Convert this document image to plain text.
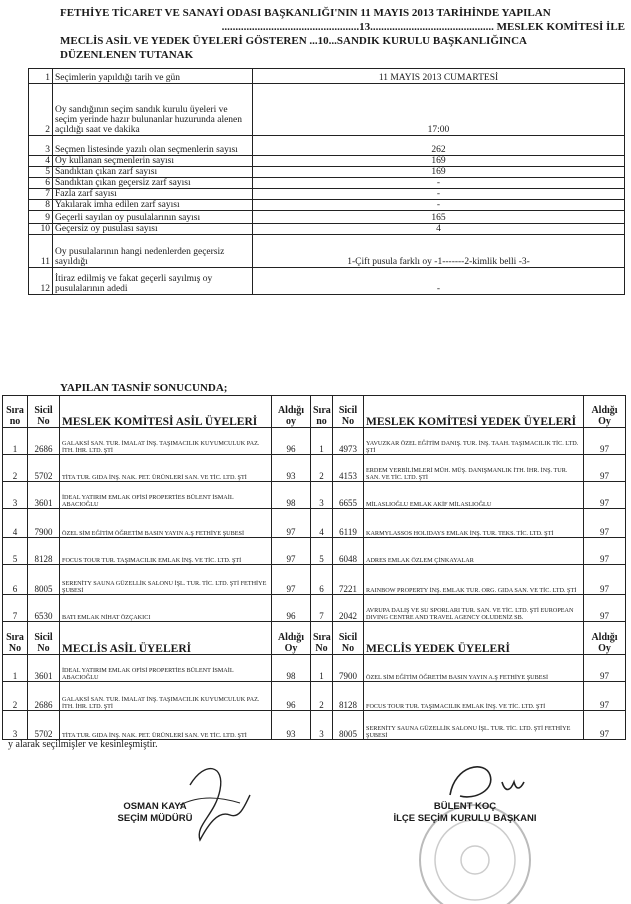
FETHİYE TİCARET VE SANAYİ ODASI BAŞKANLIĞI'NIN 11 MAYIS 2013 TARİHİNDE YAPILAN
..................................................13............................................. MESLEK KOMİTESİ İLE
MECLİS ASİL VE YEDEK ÜYELERİ GÖSTEREN ...10...SANDIK KURULU BAŞKANLIĞINCA
DÜZENLENEN TUTANAK
1	Seçimlerin yapıldığı tarih ve gün	11 MAYIS 2013 CUMARTESİ
2	Oy sandığının seçim sandık kurulu üyeleri ve seçim yerinde hazır bulunanlar huzurunda alenen açıldığı saat ve dakika	17:00
3	Seçmen listesinde yazılı olan seçmenlerin sayısı	262
4	Oy kullanan seçmenlerin sayısı	169
5	Sandıktan çıkan zarf sayısı	169
6	Sandıktan çıkan geçersiz zarf sayısı	-
7	Fazla zarf sayısı	-
8	Yakılarak imha edilen zarf sayısı	-
9	Geçerli sayılan oy pusulalarının sayısı	165
10	Geçersiz oy pusulası sayısı	4
11	Oy pusulalarının hangi nedenlerden geçersiz sayıldığı	1-Çift pusula farklı oy -1-------2-kimlik belli -3-
12	İtiraz edilmiş ve fakat geçerli sayılmış oy pusulalarının adedi	-
YAPILAN TASNİF SONUCUNDA;
Sıra no	Sicil No	MESLEK KOMİTESİ ASİL ÜYELERİ	Aldığı oy	Sıra no	Sicil No	MESLEK KOMİTESİ YEDEK ÜYELERİ	Aldığı Oy
1	2686	GALAKSİ SAN. TUR. İMALAT İNŞ. TAŞIMACILIK KUYUMCULUK PAZ. İTH. İHR. LTD. ŞTİ	96	1	4973	YAVUZKAR ÖZEL EĞİTİM DANIŞ. TUR. İNŞ. TAAH. TAŞIMACILIK TİC. LTD. ŞTİ	97
2	5702	TİTA TUR. GIDA İNŞ. NAK. PET. ÜRÜNLERİ SAN. VE TİC. LTD. ŞTİ	93	2	4153	ERDEM YERBİLİMLERİ MÜH. MÜŞ. DANIŞMANLIK İTH. İHR. İNŞ. TUR. SAN. VE TİC. LTD. ŞTİ	97
3	3601	İDEAL YATIRIM EMLAK OFİSİ PROPERTİES BÜLENT İSMAİL ABACIOĞLU	98	3	6655	MİLASLIOĞLU EMLAK AKİF MİLASLIOĞLU	97
4	7900	ÖZEL SİM EĞİTİM ÖĞRETİM BASIN YAYIN A.Ş FETHİYE ŞUBESİ	97	4	6119	KARMYLASSOS HOLIDAYS EMLAK İNŞ. TUR. TEKS. TİC. LTD. ŞTİ	97
5	8128	FOCUS TOUR TUR. TAŞIMACILIK EMLAK İNŞ. VE TİC. LTD. ŞTİ	97	5	6048	ADRES EMLAK ÖZLEM ÇİNKAYALAR	97
6	8005	SERENİTY SAUNA GÜZELLİK SALONU İŞL. TUR. TİC. LTD. ŞTİ FETHİYE ŞUBESİ	97	6	7221	RAINBOW PROPERTY İNŞ. EMLAK TUR. ORG. GIDA SAN. VE TİC. LTD. ŞTİ	97
7	6530	BATI EMLAK NİHAT ÖZÇAKICI	96	7	2042	AVRUPA DALIŞ VE SU SPORLARI TUR. SAN. VE TİC. LTD. ŞTİ EUROPEAN DIVING CENTRE AND TRAVEL AGENCY OLUDENİZ SB.	97
Sıra No	Sicil No	MECLİS ASİL ÜYELERİ	Aldığı Oy	Sıra No	Sicil No	MECLİS YEDEK ÜYELERİ	Aldığı Oy
1	3601	İDEAL YATIRIM EMLAK OFİSİ PROPERTİES BÜLENT İSMAİL ABACIOĞLU	98	1	7900	ÖZEL SİM EĞİTİM ÖĞRETİM BASIN YAYIN A.Ş FETHİYE ŞUBESİ	97
2	2686	GALAKSİ SAN. TUR. İMALAT İNŞ. TAŞIMACILIK KUYUMCULUK PAZ. İTH. İHR. LTD. ŞTİ	96	2	8128	FOCUS TOUR TUR. TAŞIMACILIK EMLAK İNŞ. VE TİC. LTD. ŞTİ	97
3	5702	TİTA TUR. GIDA İNŞ. NAK. PET. ÜRÜNLERİ SAN. VE TİC. LTD. ŞTİ	93	3	8005	SERENİTY SAUNA GÜZELLİK SALONU İŞL. TUR. TİC. LTD. ŞTİ FETHİYE ŞUBESİ	97
y alarak seçilmişler ve kesinleşmiştir.
OSMAN KAYA
SEÇİM MÜDÜRÜ
BÜLENT KOÇ
İLÇE SEÇİM KURULU BAŞKANI
